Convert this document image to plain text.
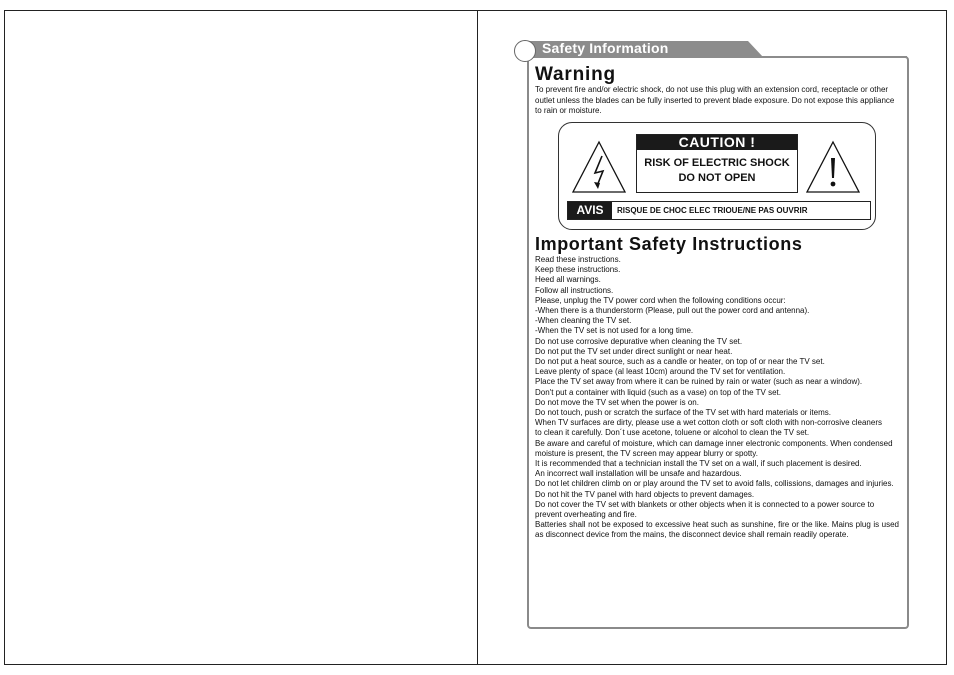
Safety Information
Warning
To prevent fire and/or electric shock, do not use this plug with an extension cord, receptacle or other outlet unless the blades can be fully inserted to prevent blade exposure. Do not expose this appliance to rain or moisture.
CAUTION !
RISK OF ELECTRIC SHOCK
DO NOT OPEN
AVIS	RISQUE DE CHOC ELEC TRIOUE/NE PAS OUVRIR
Important Safety Instructions
Read these instructions.
Keep these instructions.
Heed all warnings.
Follow all instructions.
Please, unplug the TV power cord when the following conditions occur:
-When there is a thunderstorm (Please, pull out the power cord and antenna).
-When cleaning the TV set.
-When the TV set is not used for a long time.
Do not use corrosive depurative when cleaning the TV set.
Do not put the TV set under direct sunlight or near heat.
Do not put a heat source, such as a candle or heater, on top of or near the TV set.
Leave plenty of space (al least 10cm) around the TV set for ventilation.
Place the TV set away from where it can be ruined by rain or water (such as near a window).
Don't put a container with liquid (such as a vase) on top of the TV set.
Do not move the TV set when the power is on.
Do not touch, push or scratch the surface of the TV set with hard materials or items.
When TV surfaces are dirty, please use a wet cotton cloth or soft cloth with non-corrosive cleaners
to clean it carefully. Don´t use acetone, toluene or alcohol to clean the TV set.
Be aware and careful of moisture, which can damage inner electronic components. When condensed
moisture is present, the TV screen may appear blurry or spotty.
It is recommended that a technician install the TV set on a wall, if such placement is desired.
An incorrect wall installation will be unsafe and hazardous.
Do not let children climb on or play around the TV set to avoid falls, collissions, damages and injuries.
Do not hit the TV panel with hard objects to prevent damages.
Do not cover the TV set with blankets or other objects when it is connected to a power source to prevent overheating and fire.
Batteries shall not be exposed to excessive heat such as sunshine, fire or the like. Mains plug is used as disconnect device from the mains, the disconnect device shall remain readily operate.
